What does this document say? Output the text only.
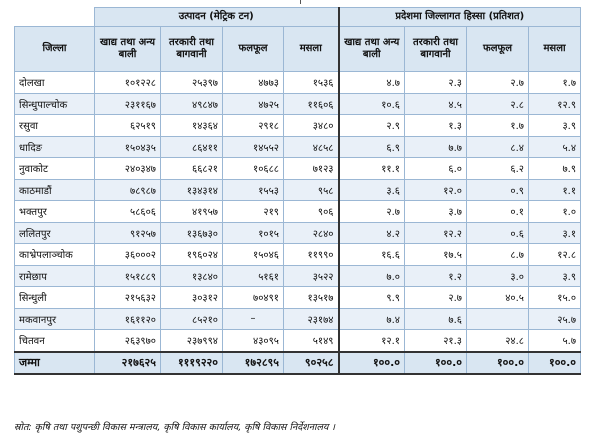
	उत्पादन (मेट्रिक टन)				प्रदेशमा जिल्लागत हिस्सा (प्रतिशत)			
जिल्ला	खाद्य तथा अन्य बाली	तरकारी तथा बागवानी	फलफूल	मसला	खाद्य तथा अन्य बाली	तरकारी तथा बागवानी	फलफूल	मसला
दोलखा	१०१२२८	२५३९७	४७७३	१५३६	४.७	२.३	२.७	१.७
सिन्धुपाल्चोक	२३११६७	४९८४७	४७२५	११६०६	१०.६	४.५	२.८	१२.९
रसुवा	६२५१९	१४३६४	२९१८	३४८०	२.९	१.३	१.७	३.९
धादिङ	१५०४३५	८६४११	१४५५२	४८५८	६.९	७.७	८.४	५.४
नुवाकोट	२४०३४७	६६८२१	१०६८८	७१२३	११.१	६.०	६.२	७.९
काठमाडौं	७८९८७	१३४३१४	१५५३	९५८	३.६	१२.०	०.९	१.१
भक्तपुर	५८६०६	४१९५७	२१९	९०६	२.७	३.७	०.१	१.०
ललितपुर	९१२५७	१३६७३०	१०१५	२८४०	४.२	१२.२	०.६	३.१
काभ्रेपलाञ्चोक	३६०००२	१९६०२४	१५०४६	११९९०	१६.६	१७.५	८.७	१२.८
रामेछाप	१५१८८९	१३८४०	५१६१	३५२२	७.०	१.२	३.०	३.९
सिन्धुली	२१५६३२	३०३१२	७०४९१	१३५१७	९.९	२.७	४०.५	१५.०
मकवानपुर	१६११२०	८५२१०	–	२३१७४	७.४	७.६		२५.७
चितवन	२६३९७०	२३७९९४	४३०९५	५१४९	१२.१	२१.३	२४.८	५.७
जम्मा	२१७६२५	१११९२२०	१७२८९५	९०२५८	१००.०	१००.०	१००.०	१००.०
स्रोत: कृषि तथा पशुपन्छी विकास मन्त्रालय, कृषि विकास कार्यालय, कृषि विकास निर्देशनालय ।
